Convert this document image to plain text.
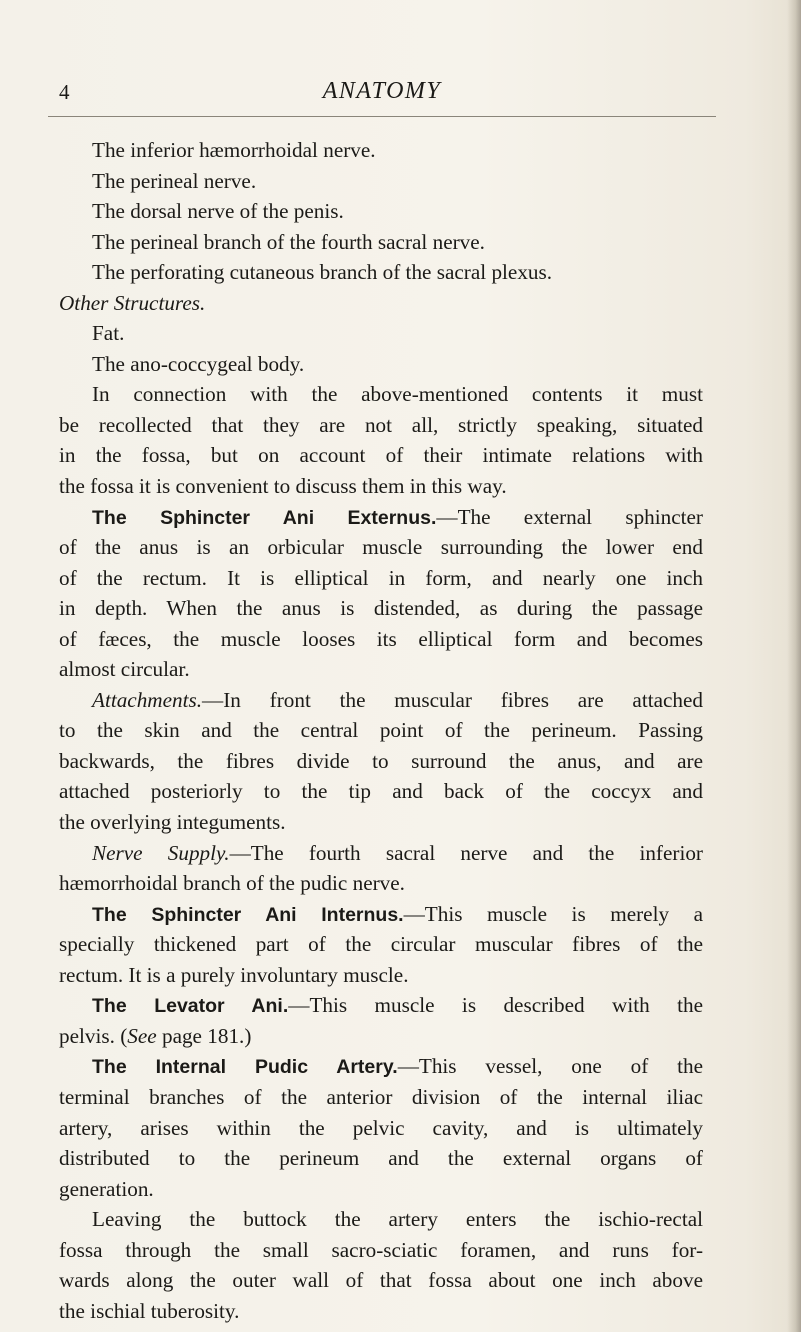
4	ANATOMY

The inferior hæmorrhoidal nerve.

The perineal nerve.

The dorsal nerve of the penis.

The perineal branch of the fourth sacral nerve.

The perforating cutaneous branch of the sacral plexus.

Other Structures.

Fat.

The ano-coccygeal body.

In connection with the above-mentioned contents it must

be recollected that they are not all, strictly speaking, situated

in the fossa, but on account of their intimate relations with

the fossa it is convenient to discuss them in this way.

The Sphincter Ani Externus.—The external sphincter

of the anus is an orbicular muscle surrounding the lower end

of the rectum. It is elliptical in form, and nearly one inch

in depth. When the anus is distended, as during the passage

of fæces, the muscle looses its elliptical form and becomes

almost circular.

Attachments.—In front the muscular fibres are attached

to the skin and the central point of the perineum. Passing

backwards, the fibres divide to surround the anus, and are

attached posteriorly to the tip and back of the coccyx and

the overlying integuments.

Nerve Supply.—The fourth sacral nerve and the inferior

hæmorrhoidal branch of the pudic nerve.

The Sphincter Ani Internus.—This muscle is merely a

specially thickened part of the circular muscular fibres of the

rectum. It is a purely involuntary muscle.

The Levator Ani.—This muscle is described with the

pelvis. (See page 181.)

The Internal Pudic Artery.—This vessel, one of the

terminal branches of the anterior division of the internal iliac

artery, arises within the pelvic cavity, and is ultimately

distributed to the perineum and the external organs of

generation.

Leaving the buttock the artery enters the ischio-rectal

fossa through the small sacro-sciatic foramen, and runs for-

wards along the outer wall of that fossa about one inch above

the ischial tuberosity.
